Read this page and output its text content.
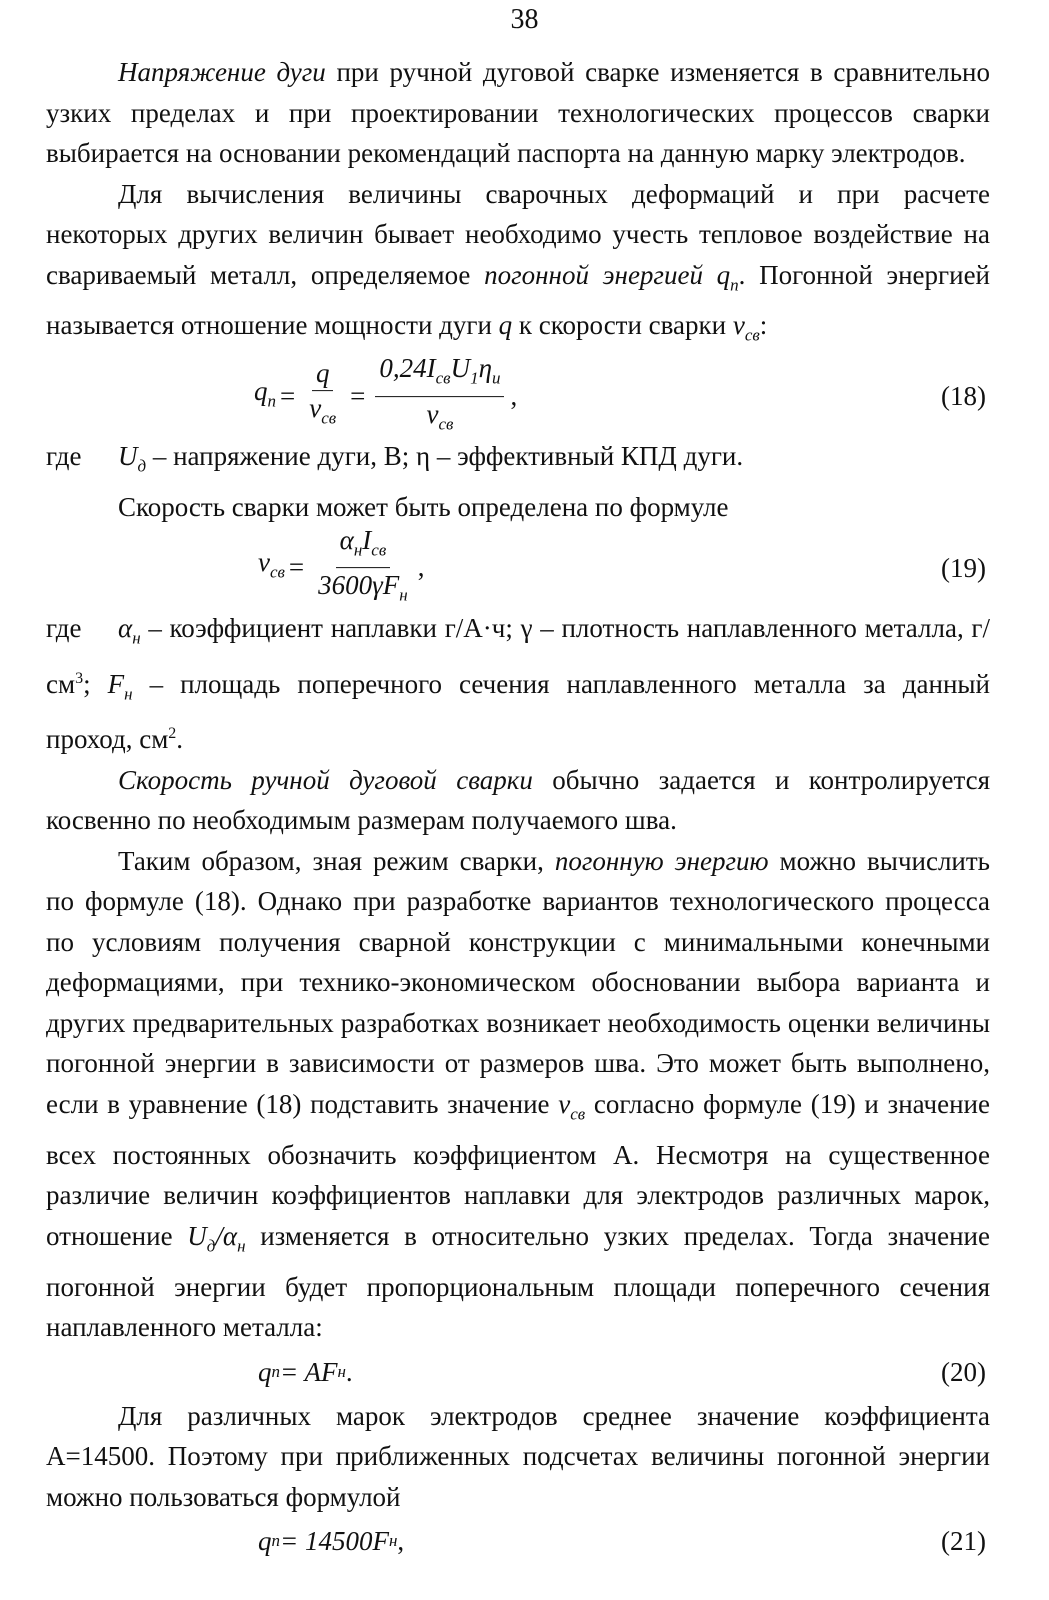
38

Напряжение дуги при ручной дуговой сварке изменяется в сравнительно узких пределах и при проектировании технологических процессов сварки выбирается на основании рекомендаций паспорта на данную марку электродов.

Для вычисления величины сварочных деформаций и при расчете некоторых других величин бывает необходимо учесть тепловое воздействие на свариваемый металл, определяемое погонной энергией $q_п$. Погонной энергией называется отношение мощности дуги q к скорости сварки $v_{св}$:

$q_п = \frac{q}{v_{св}} = \frac{0,24I_{св}U_1\eta_и}{v_{св}}$ ,	(18)

где $U_д$ – напряжение дуги, В; η – эффективный КПД дуги.

Скорость сварки может быть определена по формуле

$v_{св} = \frac{\alpha_нI_{св}}{3600\gamma F_н}$ ,	(19)

где $\alpha_н$ – коэффициент наплавки г/А·ч; γ – плотность наплавленного металла, $г/см^3$; $F_н$ – площадь поперечного сечения наплавленного металла за данный проход, $см^2$.

Скорость ручной дуговой сварки обычно задается и контролируется косвенно по необходимым размерам получаемого шва.

Таким образом, зная режим сварки, погонную энергию можно вычислить по формуле (18). Однако при разработке вариантов технологического процесса по условиям получения сварной конструкции с минимальными конечными деформациями, при технико-экономическом обосновании выбора варианта и других предварительных разработках возникает необходимость оценки величины погонной энергии в зависимости от размеров шва. Это может быть выполнено, если в уравнение (18) подставить значение $v_{св}$ согласно формуле (19) и значение всех постоянных обозначить коэффициентом А. Несмотря на существенное различие величин коэффициентов наплавки для электродов различных марок, отношение $U_д/\alpha_н$ изменяется в относительно узких пределах. Тогда значение погонной энергии будет пропорциональным площади поперечного сечения наплавленного металла:

q п = AF н .	(20)

Для различных марок электродов среднее значение коэффициента А=14500. Поэтому при приближенных подсчетах величины погонной энергии можно пользоваться формулой

q п = 14500F н ,	(21)
